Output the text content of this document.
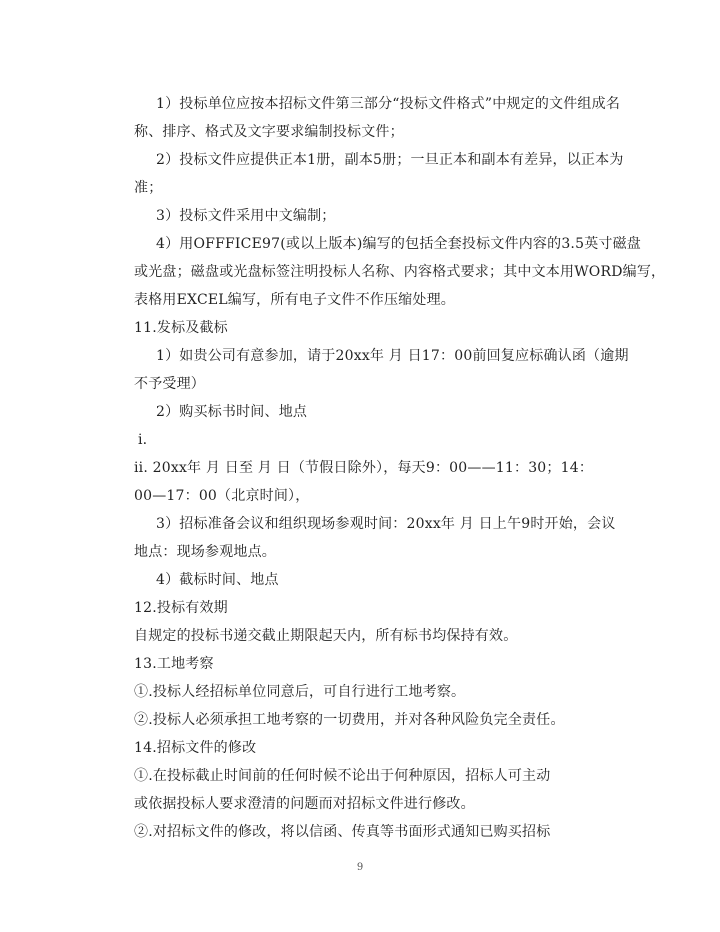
1）投标单位应按本招标文件第三部分“投标文件格式”中规定的文件组成名
称、排序、格式及文字要求编制投标文件；
2）投标文件应提供正本1册，副本5册；一旦正本和副本有差异，以正本为
准；
3）投标文件采用中文编制；
4）用OFFFICE97(或以上版本)编写的包括全套投标文件内容的3.5英寸磁盘
或光盘；磁盘或光盘标签注明投标人名称、内容格式要求；其中文本用WORD编写，
表格用EXCEL编写，所有电子文件不作压缩处理。
11.发标及截标
1）如贵公司有意参加，请于20xx年 月 日17：00前回复应标确认函（逾期
不予受理）
2）购买标书时间、地点
i.
ii. 20xx年 月 日至 月 日（节假日除外），每天9：00——11：30；14：
00—17：00（北京时间），
3）招标准备会议和组织现场参观时间：20xx年 月 日上午9时开始，会议
地点：现场参观地点。
4）截标时间、地点
12.投标有效期
自规定的投标书递交截止期限起天内，所有标书均保持有效。
13.工地考察
①.投标人经招标单位同意后，可自行进行工地考察。
②.投标人必须承担工地考察的一切费用，并对各种风险负完全责任。
14.招标文件的修改
①.在投标截止时间前的任何时候不论出于何种原因，招标人可主动
或依据投标人要求澄清的问题而对招标文件进行修改。
②.对招标文件的修改，将以信函、传真等书面形式通知已购买招标
9
